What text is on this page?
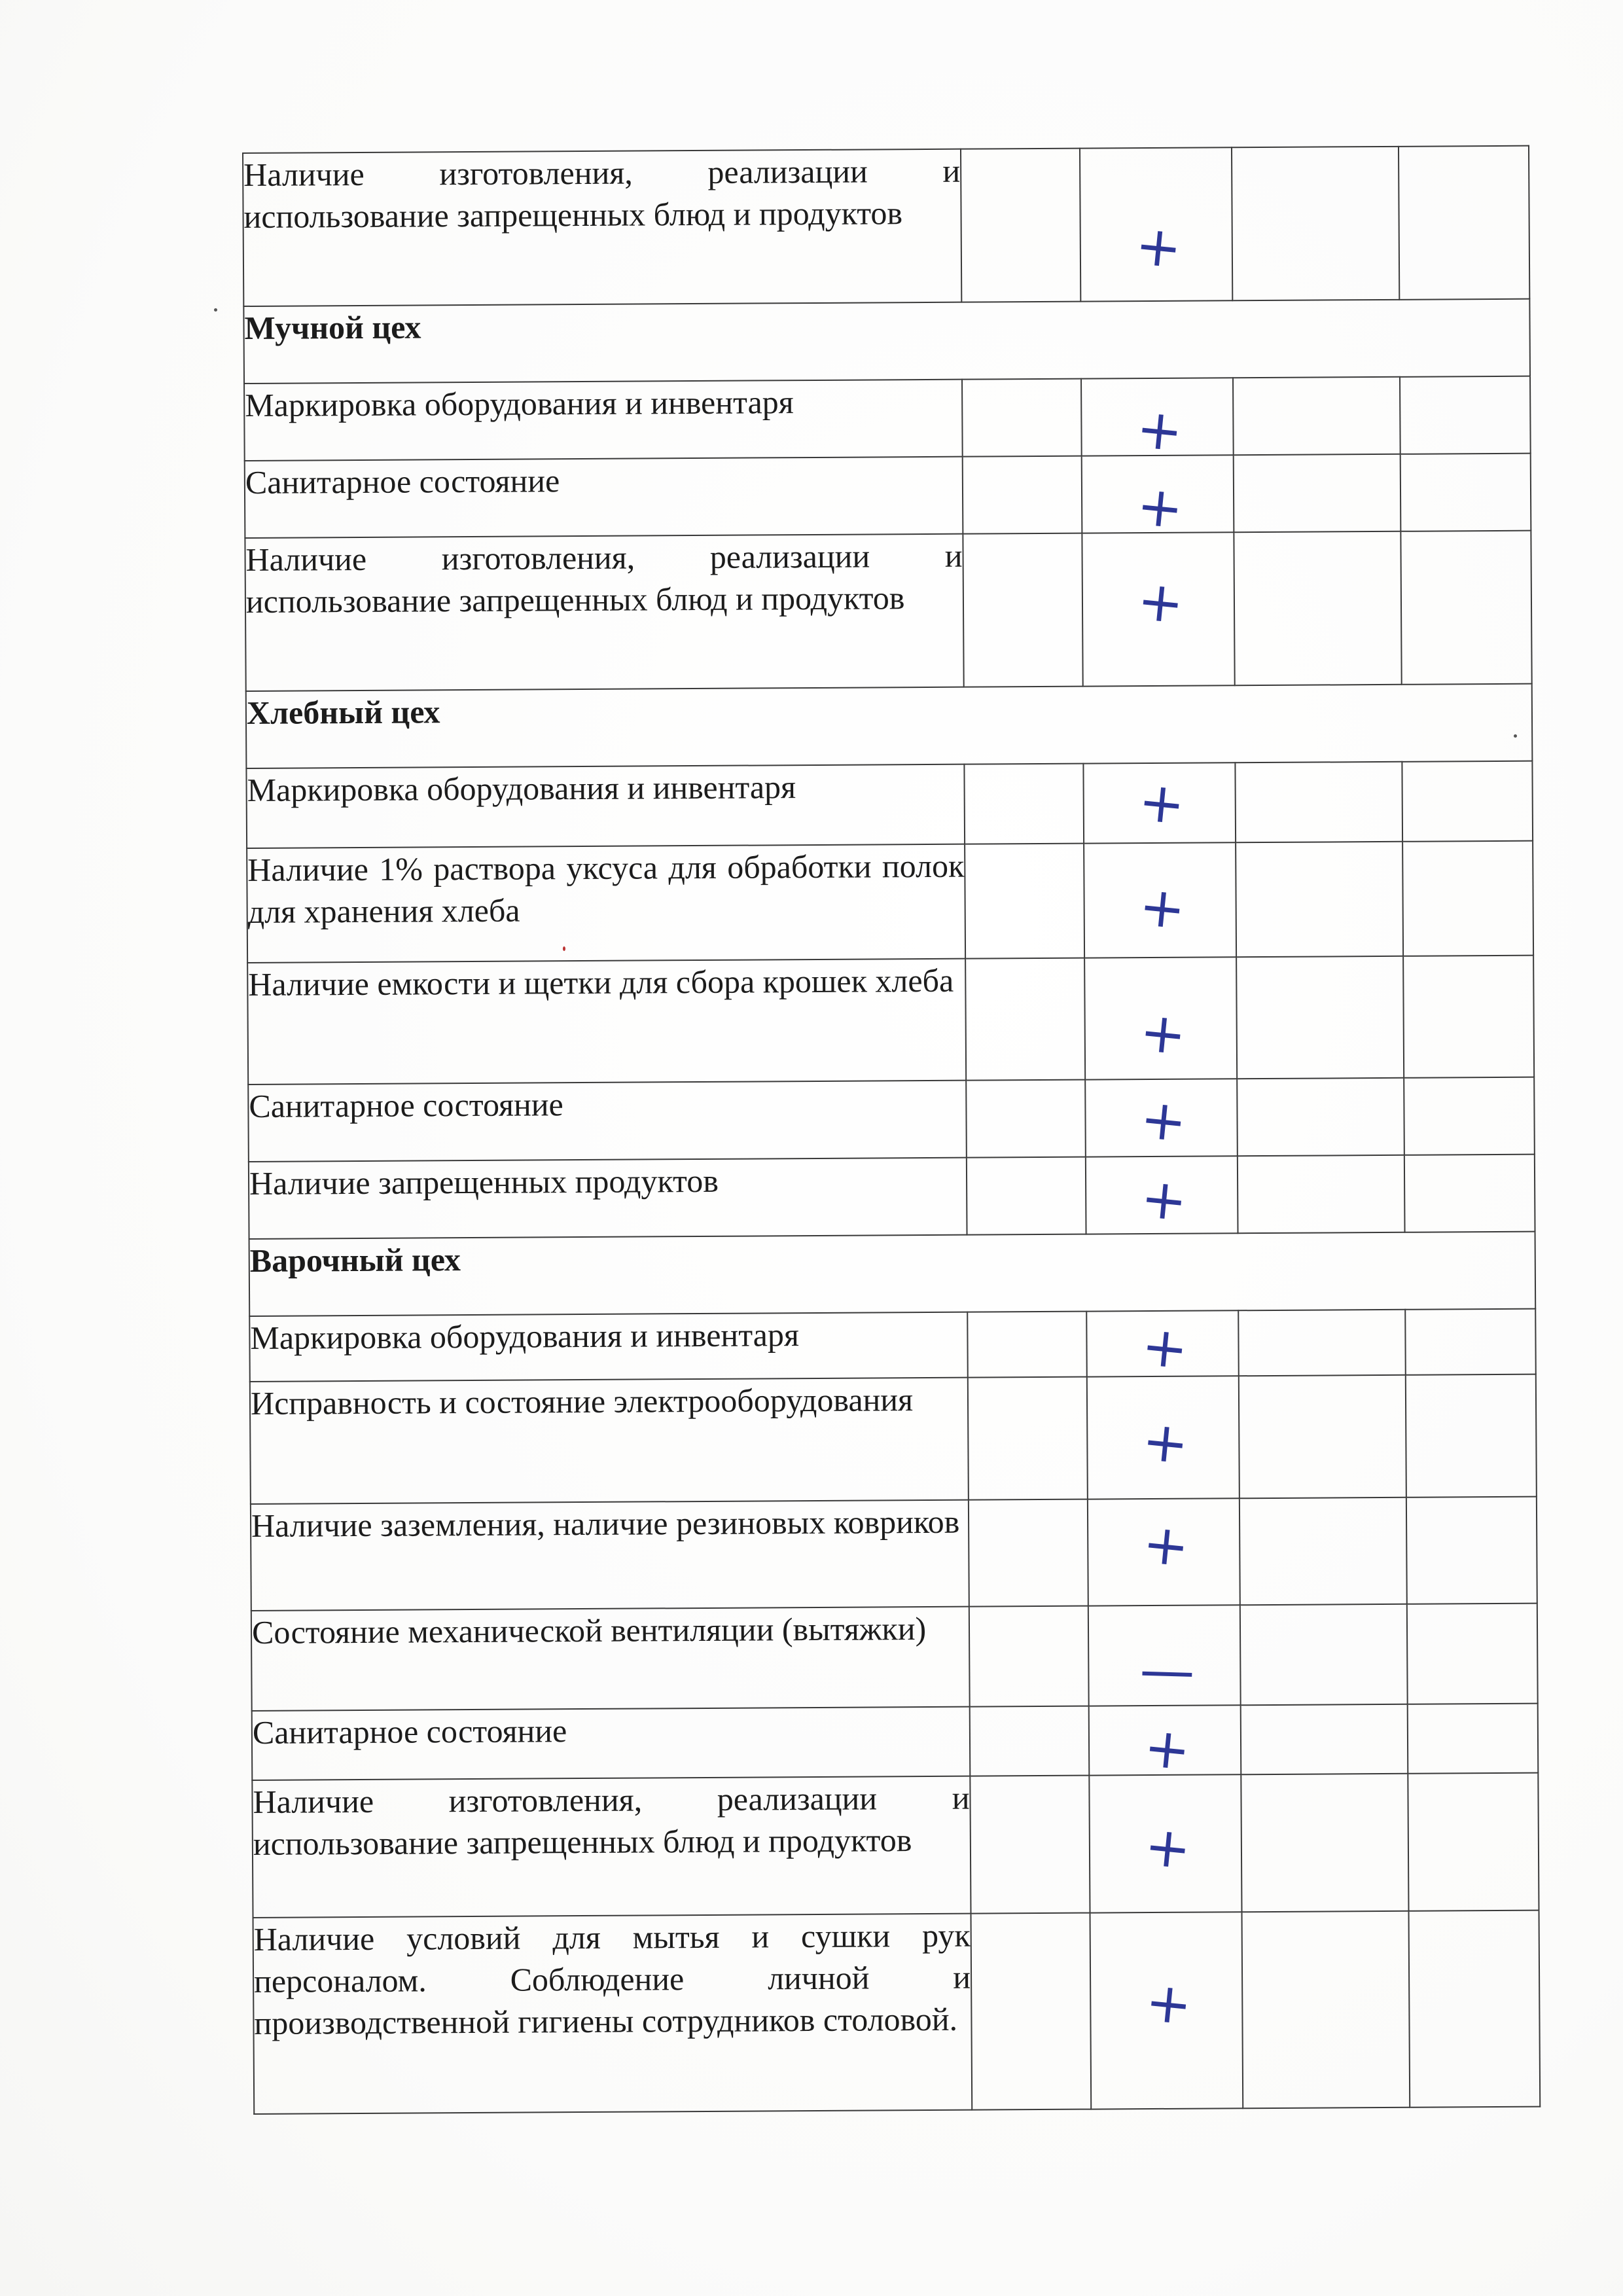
Наличие изготовления, реализации и использование запрещенных блюд и продуктов		+		

Мучной цех				
Маркировка оборудования и инвентаря		+		

Санитарное состояние		+		

Наличие изготовления, реализации и использование запрещенных блюд и продуктов		+		

Хлебный цех				
Маркировка оборудования и инвентаря		+		

Наличие 1% раствора уксуса для обработки полок для хранения хлеба		+		

Наличие емкости и щетки для сбора крошек хлеба		+		

Санитарное состояние		+		

Наличие запрещенных продуктов		+		

Варочный цех				
Маркировка оборудования и инвентаря		+		

Исправность и состояние электрооборудования		+		

Наличие заземления, наличие резиновых ковриков		+		

Состояние механической вентиляции (вытяжки)		—		

Санитарное состояние		+		

Наличие изготовления, реализации и использование запрещенных блюд и продуктов		+		

Наличие условий для мытья и сушки рук персоналом. Соблюдение личной и производственной гигиены сотрудников столовой.		+		
